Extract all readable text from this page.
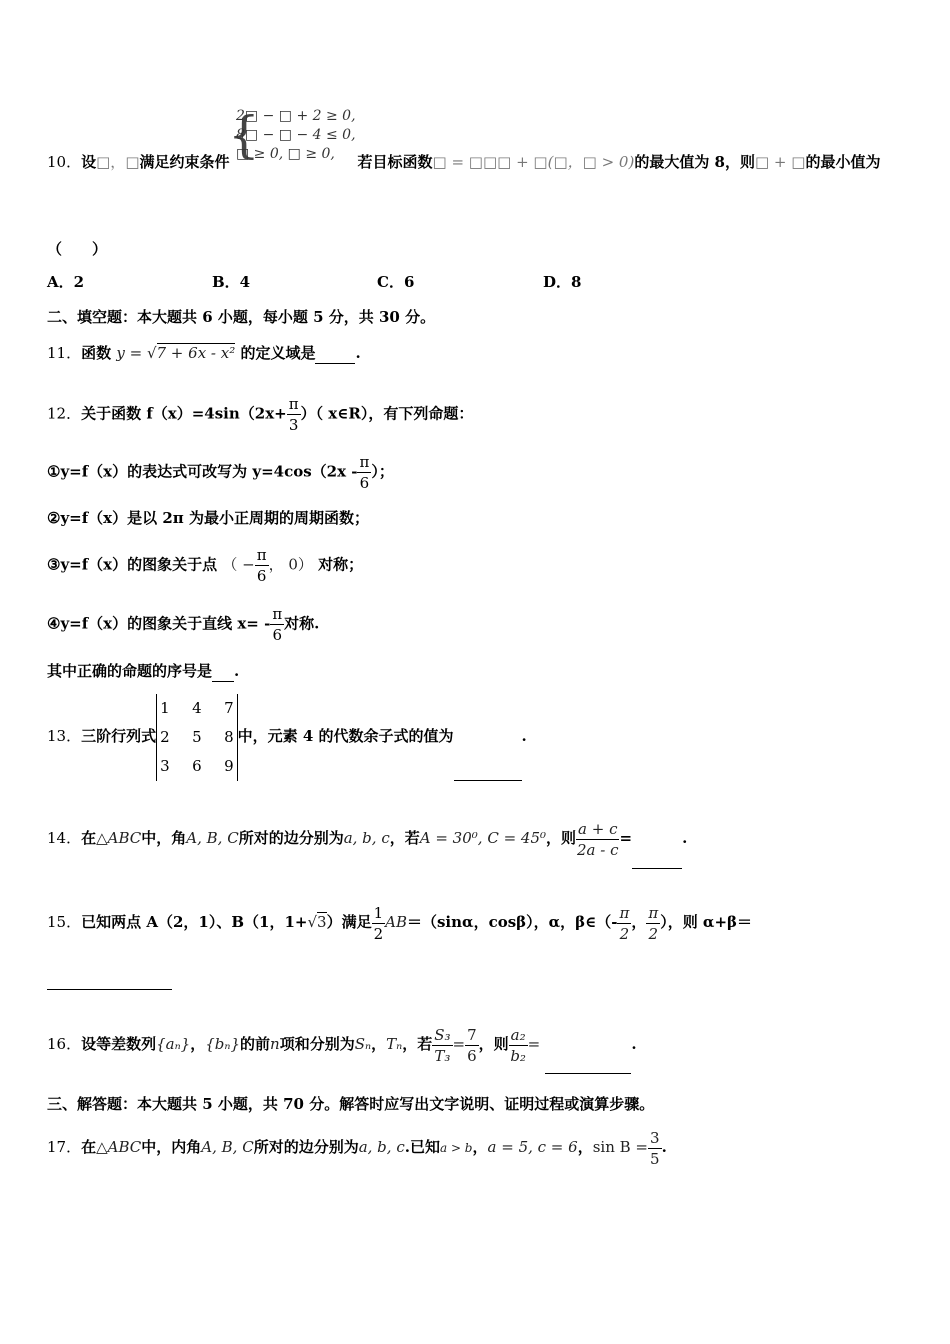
{
2□ − □ + 2 ≥ 0,
8□ − □ − 4 ≤ 0,
□ ≥ 0, □ ≥ 0,
10．设□，□满足约束条件	若目标函数□ = □□□ + □(□，□ > 0)的最大值为 8，则□ + □的最小值为
（　　）
A．2	B．4	C．6	D．8
二、填空题：本大题共 6 小题，每小题 5 分，共 30 分。
11．函数 y = √7 + 6x - x² 的定义域是	.
12．关于函数 $f(x)=4\sin(2x+ \frac{\pi}{3}$ ）（ x∈R），有下列命题：
①y=f（x）的表达式可改写为 $y=4\cos(2x - \frac{\pi}{6}$ ）；
②y=f（x）是以 2π 为最小正周期的周期函数；
③y=f（x）的图象关于点 （ − $\frac{\pi}{6}$ ， 0） 对称；
④y=f（x）的图象关于直线 $x= - \frac{\pi}{6}$ 对称.
其中正确的命题的序号是 .
13．三阶行列式
1 4 7
2 5 8
3 6 9
中，元素 4 的代数余子式的值为	.
14．在△ABC中，角A, B, C所对的边分别为a, b, c，若A = 30⁰, C = 45⁰，则 $\frac{a + c}{2a - c}$ =	.
15．已知两点 A（2，1）、B（1，1+√3）满足 $\frac{1}{2} AB=(\sin\alpha$，cosβ），α，β∈（- $\frac{\pi}{2}$ ， $\frac{\pi}{2}$ ），则 α+β＝
16．设等差数列{aₙ}，{bₙ}的前n项和分别为Sₙ，Tₙ，若 $\frac{\text{S₃}}{\text{T₃}} = \frac{7}{6}$ ，则 $\frac{\text{a₂}}{\text{b₂}}$ =	.
三、解答题：本大题共 5 小题，共 70 分。解答时应写出文字说明、证明过程或演算步骤。
17．在△ABC中，内角A, B, C所对的边分别为a, b, c.已知a > b，a = 5, c = 6，$\sin B = \frac{3}{5}$ .
